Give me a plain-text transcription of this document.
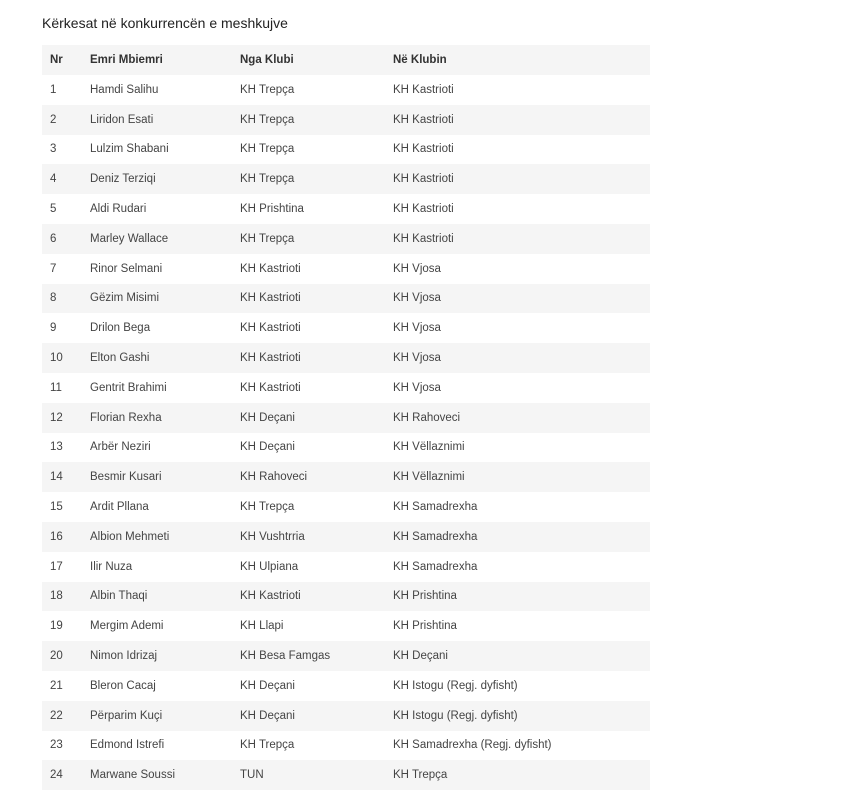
Kërkesat në konkurrencën e meshkujve
Nr	Emri Mbiemri	Nga Klubi	Në Klubin
1	Hamdi Salihu	KH Trepça	KH Kastrioti
2	Liridon Esati	KH Trepça	KH Kastrioti
3	Lulzim Shabani	KH Trepça	KH Kastrioti
4	Deniz Terziqi	KH Trepça	KH Kastrioti
5	Aldi Rudari	KH Prishtina	KH Kastrioti
6	Marley Wallace	KH Trepça	KH Kastrioti
7	Rinor Selmani	KH Kastrioti	KH Vjosa
8	Gëzim Misimi	KH Kastrioti	KH Vjosa
9	Drilon Bega	KH Kastrioti	KH Vjosa
10	Elton Gashi	KH Kastrioti	KH Vjosa
11	Gentrit Brahimi	KH Kastrioti	KH Vjosa
12	Florian Rexha	KH Deçani	KH Rahoveci
13	Arbër Neziri	KH Deçani	KH Vëllaznimi
14	Besmir Kusari	KH Rahoveci	KH Vëllaznimi
15	Ardit Pllana	KH Trepça	KH Samadrexha
16	Albion Mehmeti	KH Vushtrria	KH Samadrexha
17	Ilir Nuza	KH Ulpiana	KH Samadrexha
18	Albin Thaqi	KH Kastrioti	KH Prishtina
19	Mergim Ademi	KH Llapi	KH Prishtina
20	Nimon Idrizaj	KH Besa Famgas	KH Deçani
21	Bleron Cacaj	KH Deçani	KH Istogu (Regj. dyfisht)
22	Përparim Kuçi	KH Deçani	KH Istogu (Regj. dyfisht)
23	Edmond Istrefi	KH Trepça	KH Samadrexha (Regj. dyfisht)
24	Marwane Soussi	TUN	KH Trepça
